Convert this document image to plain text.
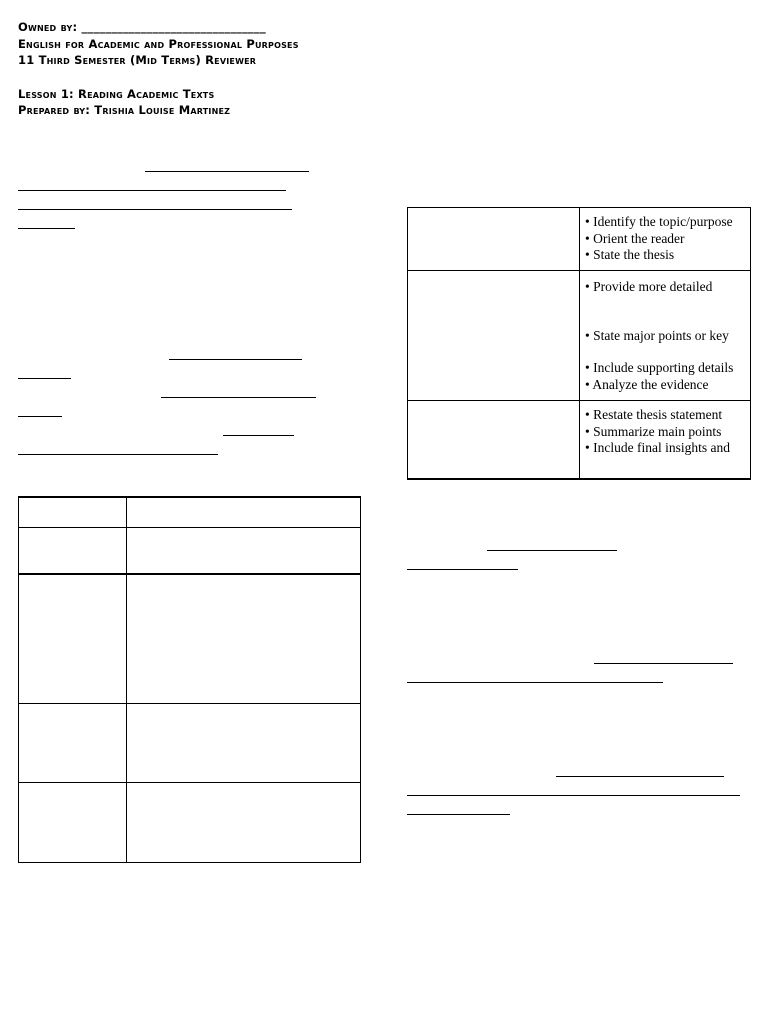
Owned by: _______________________________
English for Academic and Professional Purposes
11 Third Semester (Mid Terms) Reviewer
Lesson 1: Reading Academic Texts
Prepared by: Trishia Louise Martinez

	• Identify the topic/purpose
• Orient the reader
• State the thesis

	• Provide more detailed
• State major points or key
• Include supporting details
• Analyze the evidence

	• Restate thesis statement
• Summarize main points
• Include final insights and
